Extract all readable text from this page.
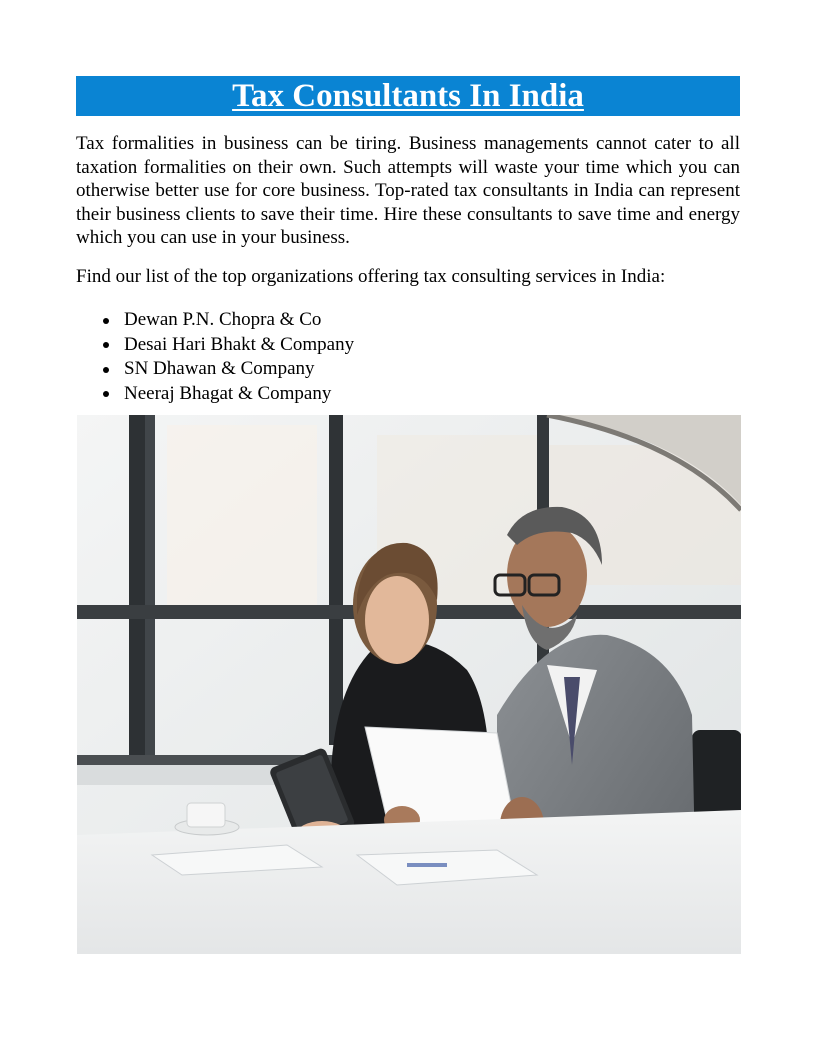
Tax Consultants In India

Tax formalities in business can be tiring. Business managements cannot cater to all taxation formalities on their own. Such attempts will waste your time which you can otherwise better use for core business. Top-rated tax consultants in India can represent their business clients to save their time. Hire these consultants to save time and energy which you can use in your business.

Find our list of the top organizations offering tax consulting services in India:

Dewan P.N. Chopra & Co
Desai Hari Bhakt & Company
SN Dhawan & Company
Neeraj Bhagat & Company
